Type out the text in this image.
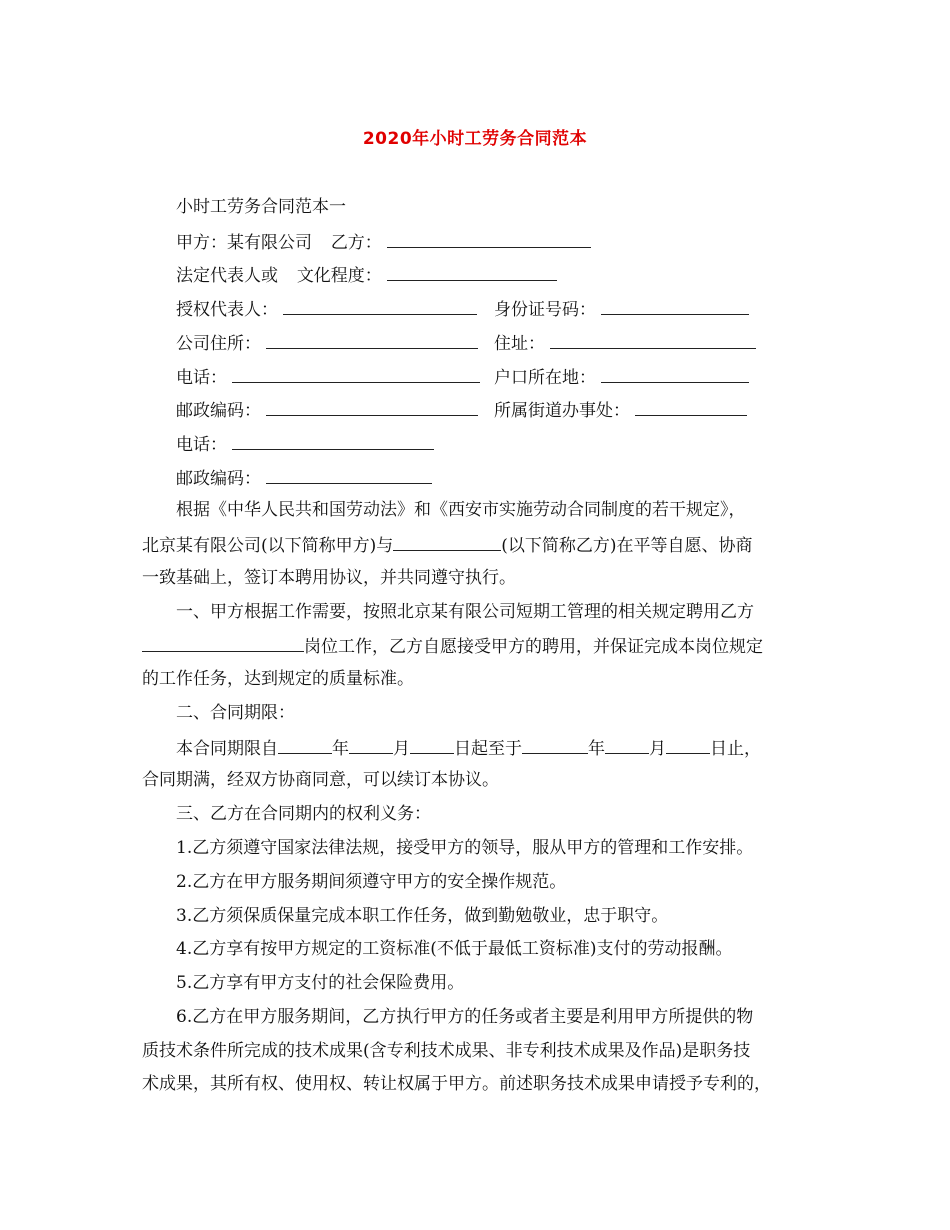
2020年小时工劳务合同范本
小时工劳务合同范本一
甲方：某有限公司 乙方：
法定代表人或 文化程度：
授权代表人：	身份证号码：
公司住所：	住址：
电话：	户口所在地：
邮政编码：	所属街道办事处：
电话：
邮政编码：
根据《中华人民共和国劳动法》和《西安市实施劳动合同制度的若干规定》，
北京某有限公司(以下简称甲方)与	(以下简称乙方)在平等自愿、协商
一致基础上，签订本聘用协议，并共同遵守执行。
一、甲方根据工作需要，按照北京某有限公司短期工管理的相关规定聘用乙方
岗位工作，乙方自愿接受甲方的聘用，并保证完成本岗位规定
的工作任务，达到规定的质量标准。
二、合同期限：
本合同期限自	年	月	日起至于	年	月	日止，
合同期满，经双方协商同意，可以续订本协议。
三、乙方在合同期内的权利义务：
1.乙方须遵守国家法律法规，接受甲方的领导，服从甲方的管理和工作安排。
2.乙方在甲方服务期间须遵守甲方的安全操作规范。
3.乙方须保质保量完成本职工作任务，做到勤勉敬业，忠于职守。
4.乙方享有按甲方规定的工资标准(不低于最低工资标准)支付的劳动报酬。
5.乙方享有甲方支付的社会保险费用。
6.乙方在甲方服务期间，乙方执行甲方的任务或者主要是利用甲方所提供的物
质技术条件所完成的技术成果(含专利技术成果、非专利技术成果及作品)是职务技
术成果，其所有权、使用权、转让权属于甲方。前述职务技术成果申请授予专利的，
